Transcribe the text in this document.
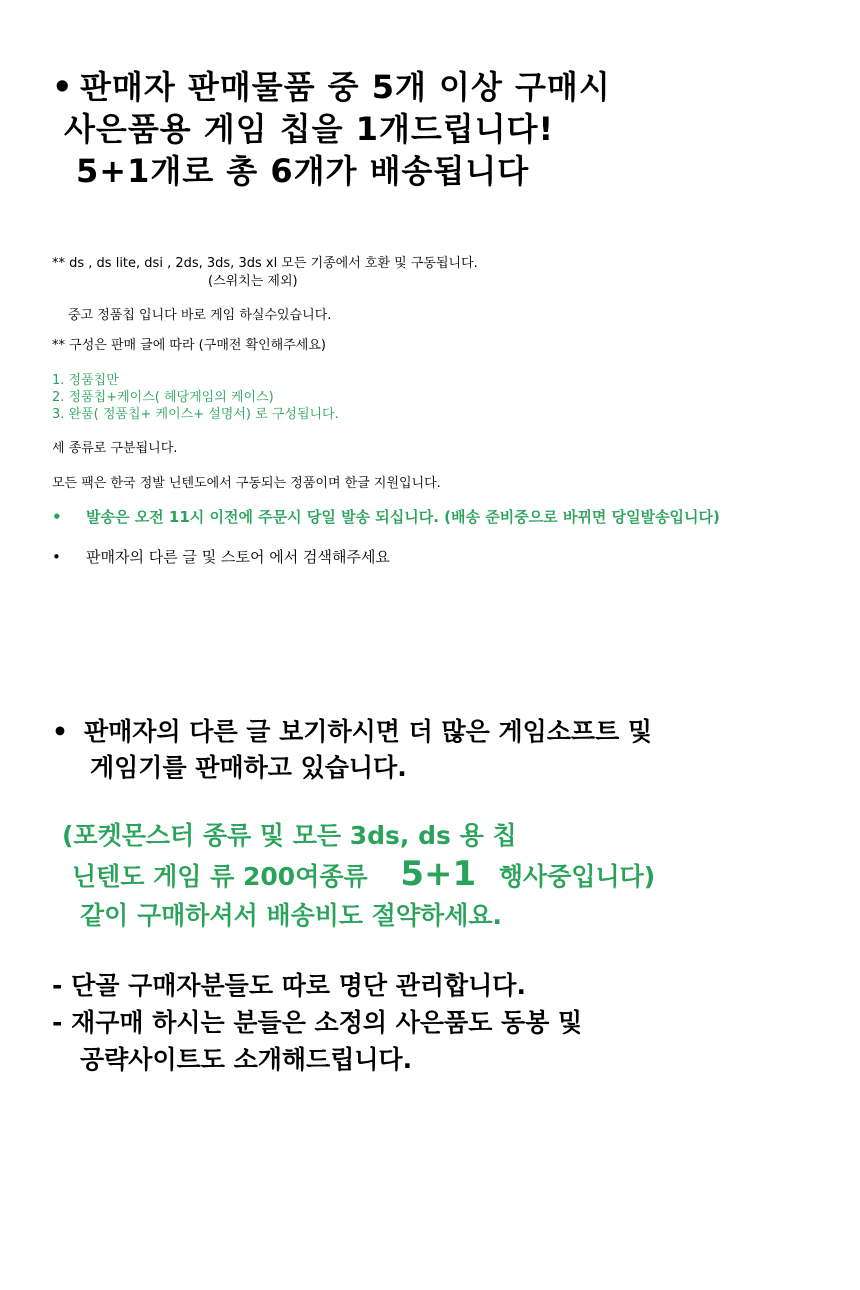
• 판매자 판매물품 중 5개 이상 구매시
사은품용 게임 칩을 1개드립니다!
5+1개로 총 6개가 배송됩니다
** ds , ds lite, dsi , 2ds, 3ds, 3ds xl 모든 기종에서 호환 및 구동됩니다.
(스위치는 제외)
중고 정품칩 입니다 바로 게임 하실수있습니다.
** 구성은 판매 글에 따라 (구매전 확인해주세요)
1. 정품칩만
2. 정품칩+케이스( 헤당게임의 케이스)
3. 완품( 정품칩+ 케이스+ 설명서) 로 구성됩니다.
세 종류로 구분됩니다.
모든 팩은 한국 정발 닌텐도에서 구동되는 정품이며 한글 지원입니다.
• 발송은 오전 11시 이전에 주문시 당일 발송 되십니다. (배송 준비중으로 바뀌면 당일발송입니다)
• 판매자의 다른 글 및 스토어 에서 검색해주세요
• 판매자의 다른 글 보기하시면 더 많은 게임소프트 및
게임기를 판매하고 있습니다.
(포켓몬스터 종류 및 모든 3ds, ds 용 칩
닌텐도 게임 류 200여종류 5+1 행사중입니다)
같이 구매하셔서 배송비도 절약하세요.
- 단골 구매자분들도 따로 명단 관리합니다.
- 재구매 하시는 분들은 소정의 사은품도 동봉 및
공략사이트도 소개해드립니다.
